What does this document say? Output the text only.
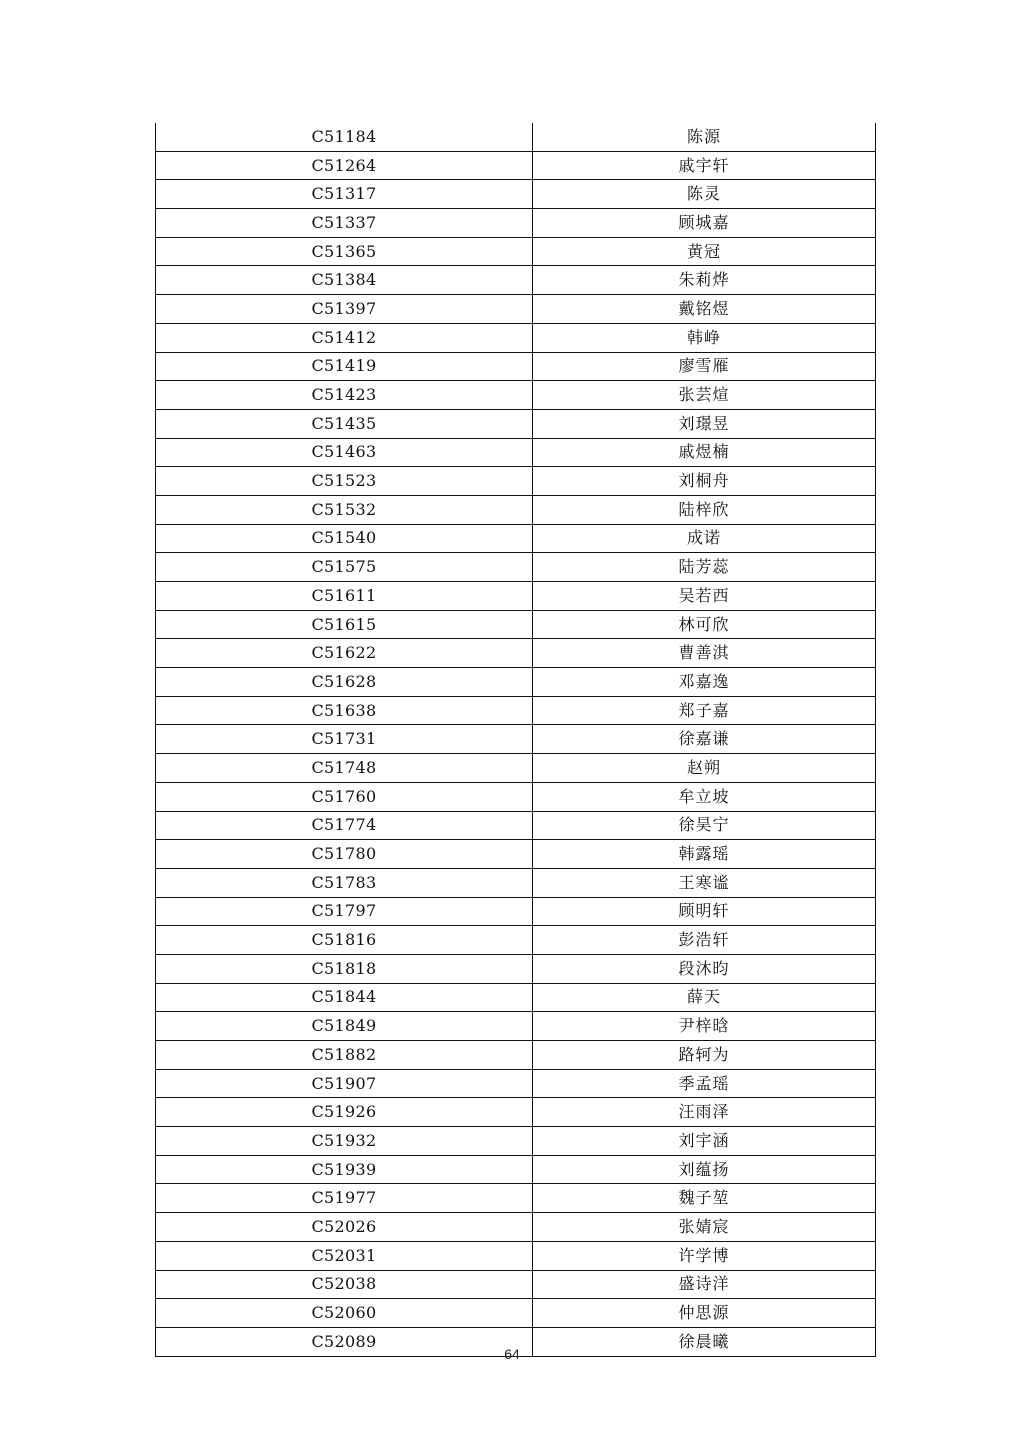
C51184	陈源
C51264	戚宇轩
C51317	陈灵
C51337	顾城嘉
C51365	黄冠
C51384	朱莉烨
C51397	戴铭煜
C51412	韩峥
C51419	廖雪雁
C51423	张芸煊
C51435	刘璟昱
C51463	戚煜楠
C51523	刘桐舟
C51532	陆梓欣
C51540	成诺
C51575	陆芳蕊
C51611	吴若西
C51615	林可欣
C51622	曹善淇
C51628	邓嘉逸
C51638	郑子嘉
C51731	徐嘉谦
C51748	赵朔
C51760	牟立坡
C51774	徐昊宁
C51780	韩露瑶
C51783	王寒谧
C51797	顾明轩
C51816	彭浩轩
C51818	段沐昀
C51844	薛天
C51849	尹梓晗
C51882	路轲为
C51907	季孟瑶
C51926	汪雨泽
C51932	刘宇涵
C51939	刘蕴扬
C51977	魏子堃
C52026	张婧宸
C52031	许学博
C52038	盛诗洋
C52060	仲思源
C52089	徐晨曦
64
